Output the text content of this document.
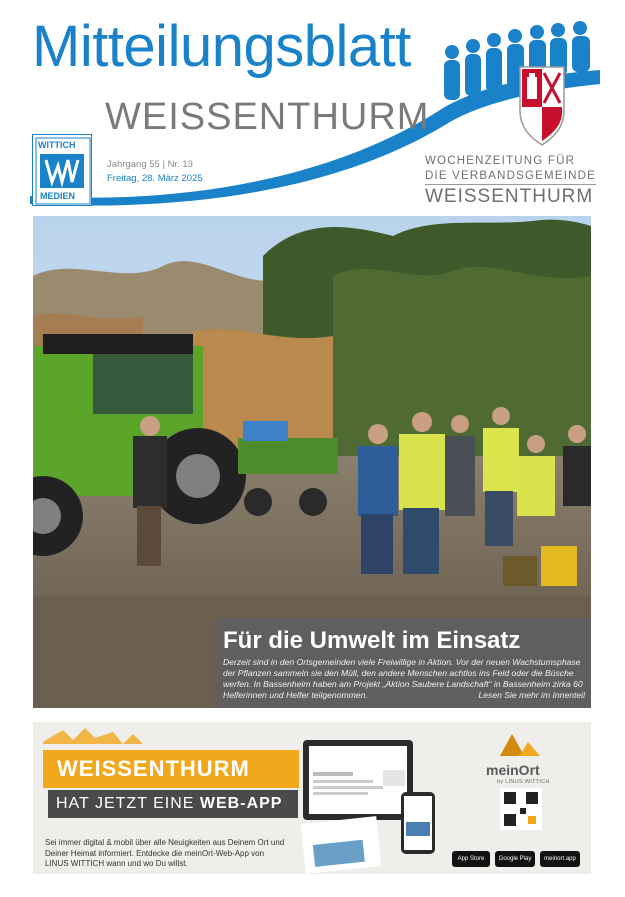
Mitteilungsblatt
WEISSENTHURM
WITTICH
MEDIEN
Jahrgang 55 | Nr. 13
Freitag, 28. März 2025
WOCHENZEITUNG FÜR
DIE VERBANDSGEMEINDE
WEISSENTHURM
Für die Umwelt im Einsatz
Derzeit sind in den Ortsgemeinden viele Freiwillige in Aktion. Vor der neuen Wachstumsphase der Pflanzen sammeln sie den Müll, den andere Menschen achtlos ins Feld oder die Büsche werfen. In Bassenheim haben am Projekt „Aktion Saubere Landschaft“ in Bassenheim zirka 60 Helferinnen und Helfer teilgenommen.	Lesen Sie mehr im Innenteil
WEISSENTHURM
HAT JETZT EINE WEB-APP
Sei immer digital & mobil über alle Neuigkeiten aus Deinem Ort und Deiner Heimat informiert. Entdecke die meinOrt-Web-App von LINUS WITTICH wann und wo Du willst.
meinOrt
by LINUS WITTICH
App Store	Google Play	meinort.app
